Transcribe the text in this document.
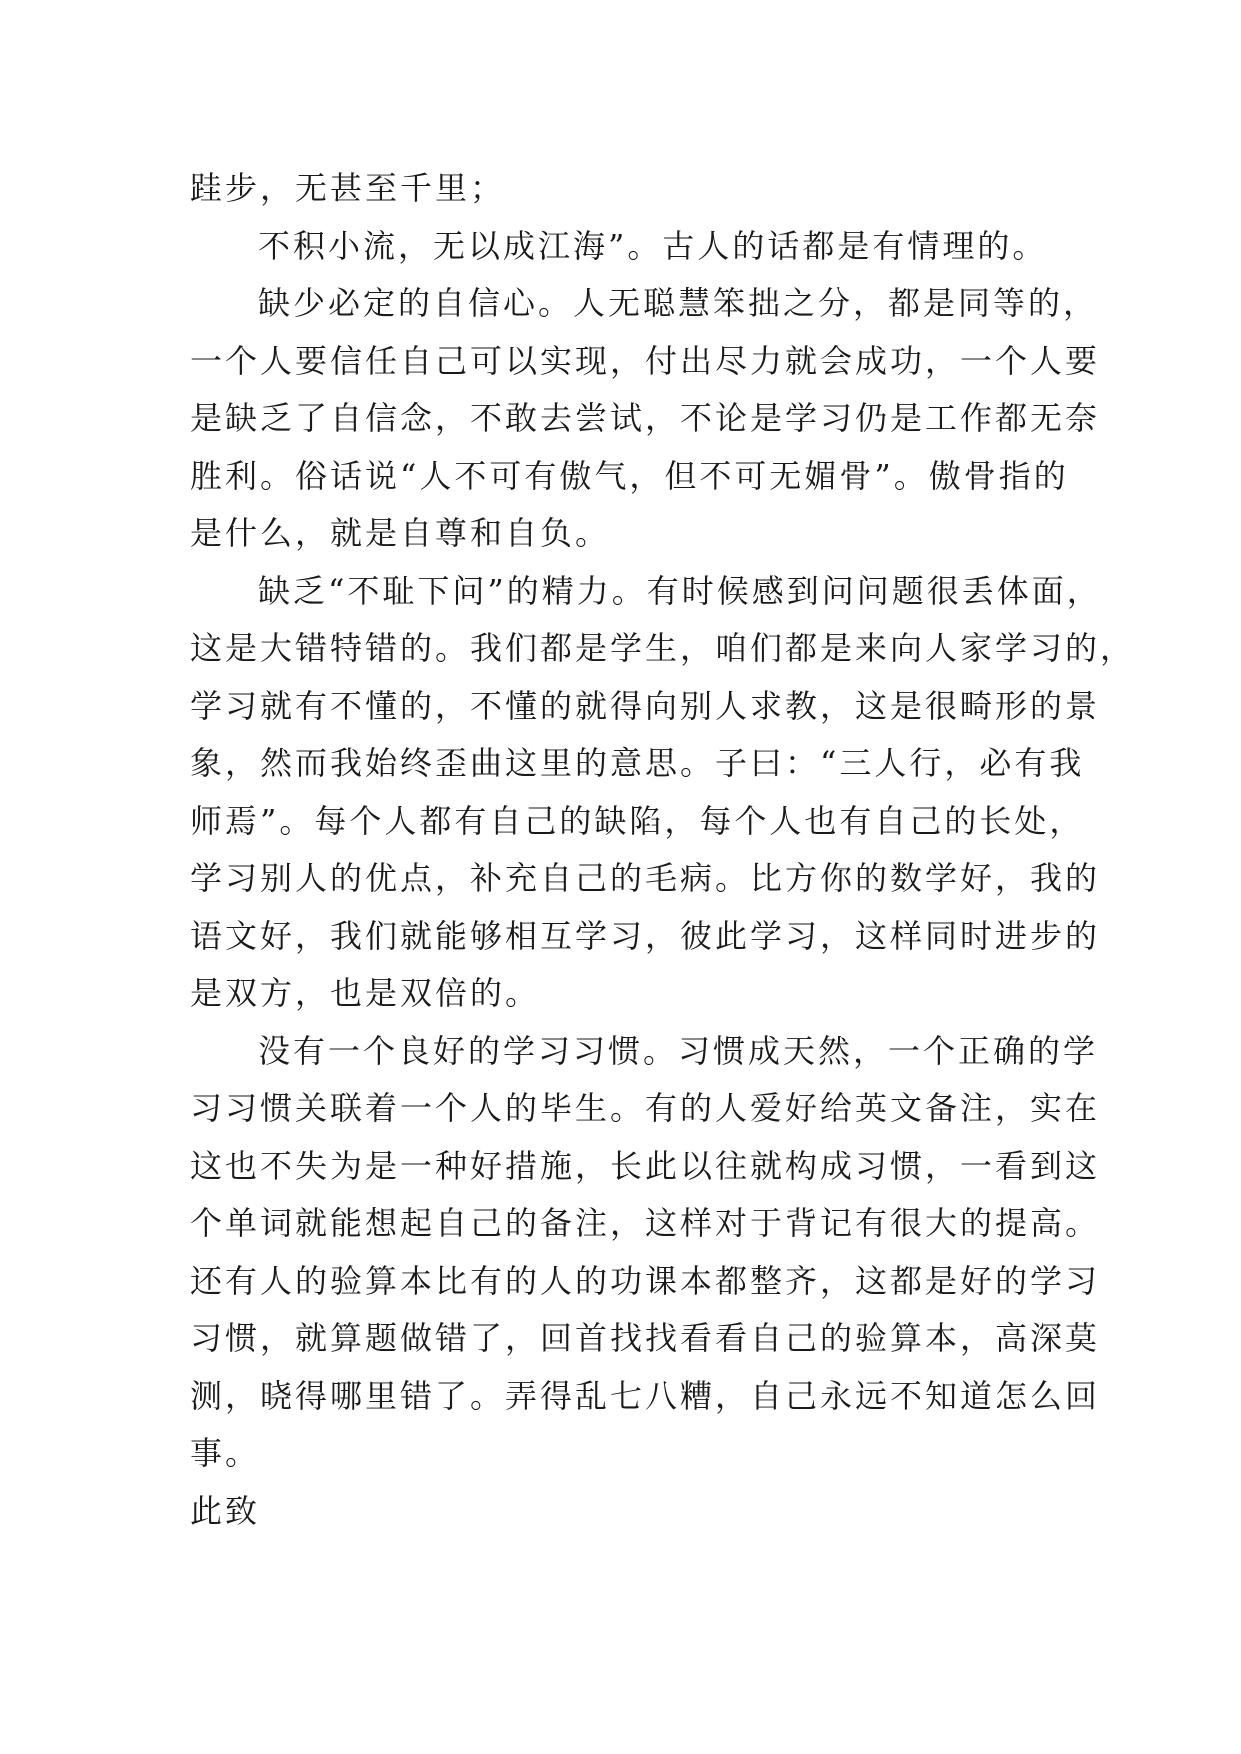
跬步，无甚至千里；
不积小流，无以成江海”。古人的话都是有情理的。
缺少必定的自信心。人无聪慧笨拙之分，都是同等的，
一个人要信任自己可以实现，付出尽力就会成功，一个人要
是缺乏了自信念，不敢去尝试，不论是学习仍是工作都无奈
胜利。俗话说“人不可有傲气，但不可无媚骨”。傲骨指的
是什么，就是自尊和自负。
缺乏“不耻下问”的精力。有时候感到问问题很丢体面，
这是大错特错的。我们都是学生，咱们都是来向人家学习的，
学习就有不懂的，不懂的就得向别人求教，这是很畸形的景
象，然而我始终歪曲这里的意思。子曰：“三人行，必有我
师焉”。每个人都有自己的缺陷，每个人也有自己的长处，
学习别人的优点，补充自己的毛病。比方你的数学好，我的
语文好，我们就能够相互学习，彼此学习，这样同时进步的
是双方，也是双倍的。
没有一个良好的学习习惯。习惯成天然，一个正确的学
习习惯关联着一个人的毕生。有的人爱好给英文备注，实在
这也不失为是一种好措施，长此以往就构成习惯，一看到这
个单词就能想起自己的备注，这样对于背记有很大的提高。
还有人的验算本比有的人的功课本都整齐，这都是好的学习
习惯，就算题做错了，回首找找看看自己的验算本，高深莫
测，晓得哪里错了。弄得乱七八糟，自己永远不知道怎么回
事。
此致
